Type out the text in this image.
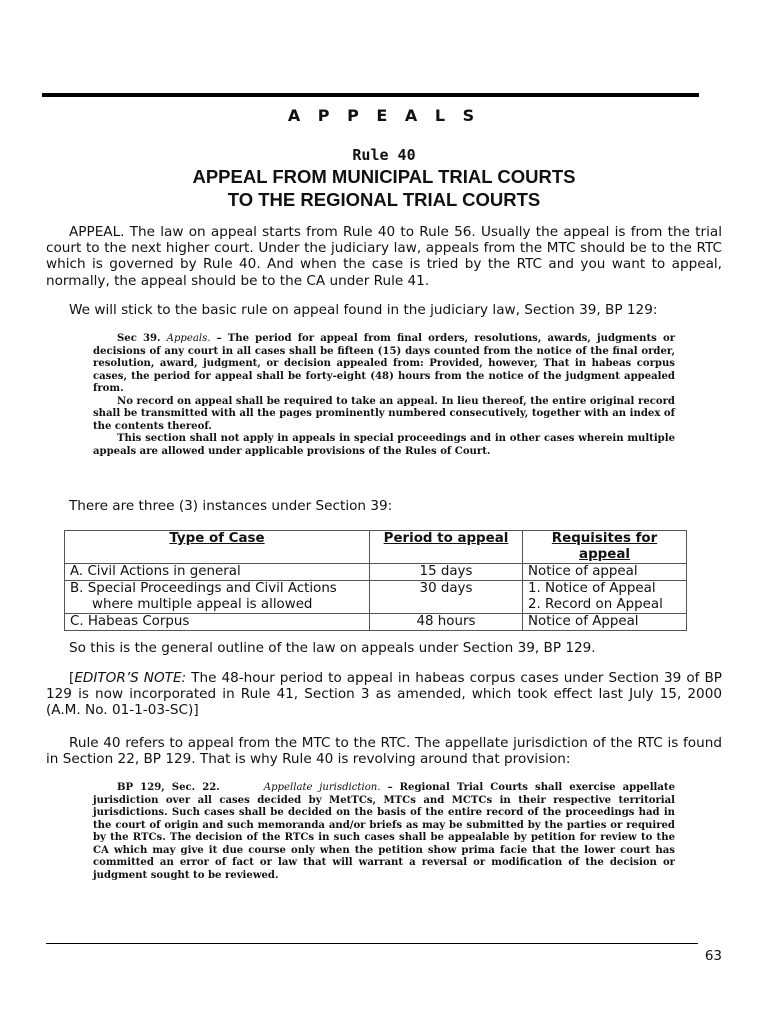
A P P E A L S
Rule 40
APPEAL FROM MUNICIPAL TRIAL COURTS
TO THE REGIONAL TRIAL COURTS

APPEAL. The law on appeal starts from Rule 40 to Rule 56. Usually the appeal is from the trial court to the next higher court. Under the judiciary law, appeals from the MTC should be to the RTC which is governed by Rule 40. And when the case is tried by the RTC and you want to appeal, normally, the appeal should be to the CA under Rule 41.

We will stick to the basic rule on appeal found in the judiciary law, Section 39, BP 129:

Sec 39. Appeals. – The period for appeal from final orders, resolutions, awards, judgments or decisions of any court in all cases shall be fifteen (15) days counted from the notice of the final order, resolution, award, judgment, or decision appealed from: Provided, however, That in habeas corpus cases, the period for appeal shall be forty-eight (48) hours from the notice of the judgment appealed from.

No record on appeal shall be required to take an appeal. In lieu thereof, the entire original record shall be transmitted with all the pages prominently numbered consecutively, together with an index of the contents thereof.

This section shall not apply in appeals in special proceedings and in other cases wherein multiple appeals are allowed under applicable provisions of the Rules of Court.

There are three (3) instances under Section 39:

Type of Case	Period to appeal	Requisites for appeal
A. Civil Actions in general	15 days	Notice of appeal
B. Special Proceedings and Civil Actions	30 days	1. Notice of Appeal
where multiple appeal is allowed		2. Record on Appeal
C. Habeas Corpus	48 hours	Notice of Appeal

So this is the general outline of the law on appeals under Section 39, BP 129.

[EDITOR’S NOTE: The 48-hour period to appeal in habeas corpus cases under Section 39 of BP 129 is now incorporated in Rule 41, Section 3 as amended, which took effect last July 15, 2000 (A.M. No. 01-1-03-SC)]

Rule 40 refers to appeal from the MTC to the RTC. The appellate jurisdiction of the RTC is found in Section 22, BP 129. That is why Rule 40 is revolving around that provision:

BP 129, Sec. 22.	Appellate jurisdiction. – Regional Trial Courts shall exercise appellate jurisdiction over all cases decided by MetTCs, MTCs and MCTCs in their respective territorial jurisdictions. Such cases shall be decided on the basis of the entire record of the proceedings had in the court of origin and such memoranda and/or briefs as may be submitted by the parties or required by the RTCs. The decision of the RTCs in such cases shall be appealable by petition for review to the CA which may give it due course only when the petition show prima facie that the lower court has committed an error of fact or law that will warrant a reversal or modification of the decision or judgment sought to be reviewed.

63
